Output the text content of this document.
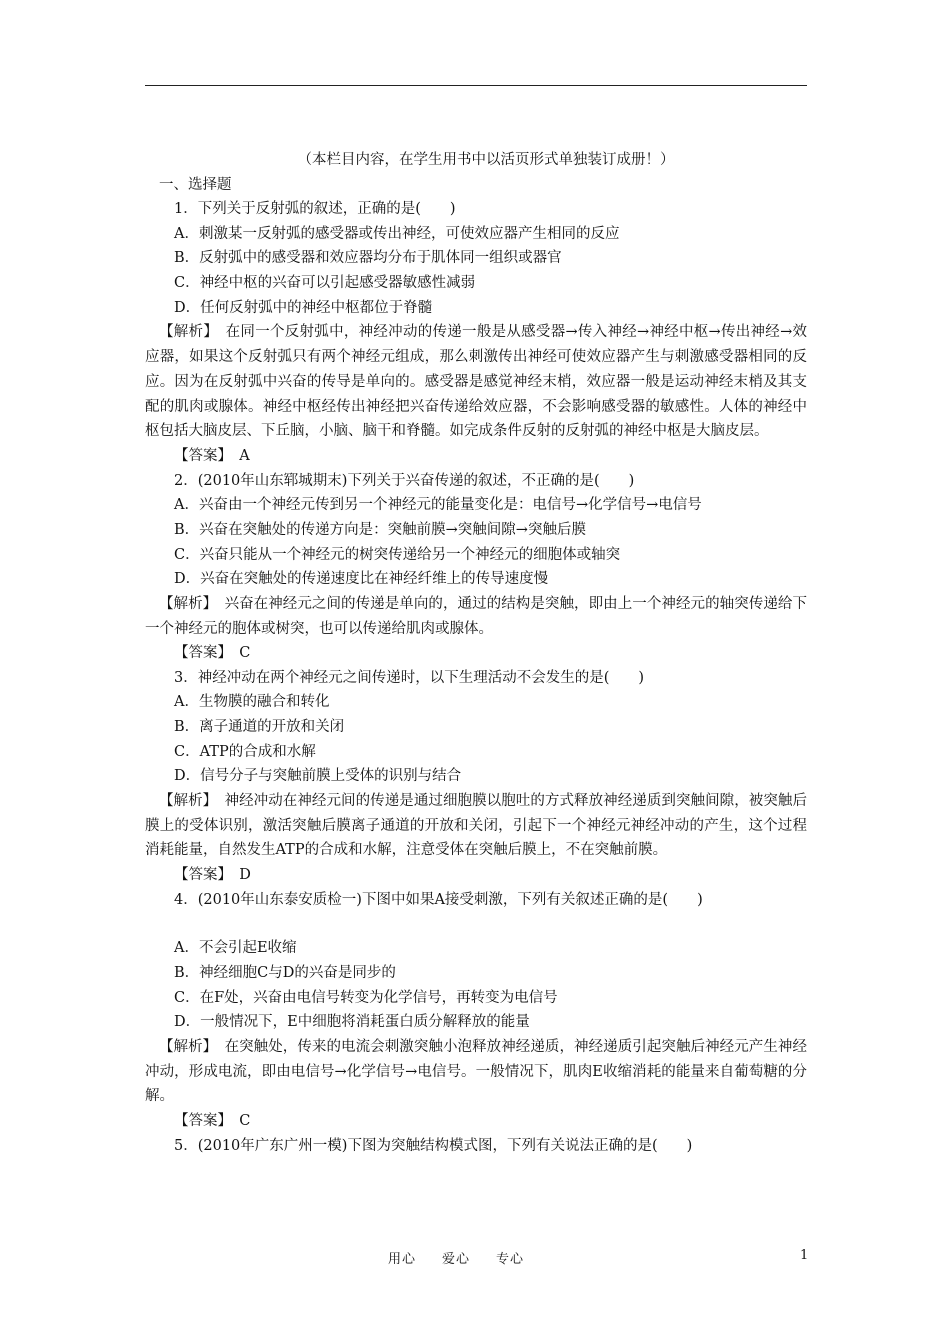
（本栏目内容，在学生用书中以活页形式单独装订成册！）
一、选择题
1．下列关于反射弧的叙述，正确的是(　　)
A．刺激某一反射弧的感受器或传出神经，可使效应器产生相同的反应
B．反射弧中的感受器和效应器均分布于肌体同一组织或器官
C．神经中枢的兴奋可以引起感受器敏感性减弱
D．任何反射弧中的神经中枢都位于脊髓
【解析】　 在同一个反射弧中，神经冲动的传递一般是从感受器→传入神经→神经中枢→传出神经→效应器，如果这个反射弧只有两个神经元组成，那么刺激传出神经可使效应器产生与刺激感受器相同的反应。因为在反射弧中兴奋的传导是单向的。感受器是感觉神经末梢，效应器一般是运动神经末梢及其支配的肌肉或腺体。神经中枢经传出神经把兴奋传递给效应器，不会影响感受器的敏感性。人体的神经中枢包括大脑皮层、下丘脑，小脑、脑干和脊髓。如完成条件反射的反射弧的神经中枢是大脑皮层。
【答案】　 A
2．(2010年山东郓城期末)下列关于兴奋传递的叙述，不正确的是(　　)
A．兴奋由一个神经元传到另一个神经元的能量变化是：电信号→化学信号→电信号
B．兴奋在突触处的传递方向是：突触前膜→突触间隙→突触后膜
C．兴奋只能从一个神经元的树突传递给另一个神经元的细胞体或轴突
D．兴奋在突触处的传递速度比在神经纤维上的传导速度慢
【解析】　 兴奋在神经元之间的传递是单向的，通过的结构是突触，即由上一个神经元的轴突传递给下一个神经元的胞体或树突，也可以传递给肌肉或腺体。
【答案】　 C
3．神经冲动在两个神经元之间传递时，以下生理活动不会发生的是(　　)
A．生物膜的融合和转化
B．离子通道的开放和关闭
C．ATP的合成和水解
D．信号分子与突触前膜上受体的识别与结合
【解析】　 神经冲动在神经元间的传递是通过细胞膜以胞吐的方式释放神经递质到突触间隙，被突触后膜上的受体识别，激活突触后膜离子通道的开放和关闭，引起下一个神经元神经冲动的产生，这个过程消耗能量，自然发生ATP的合成和水解，注意受体在突触后膜上，不在突触前膜。
【答案】　 D
4．(2010年山东泰安质检一)下图中如果A接受刺激，下列有关叙述正确的是(　　)
A．不会引起E收缩
B．神经细胞C与D的兴奋是同步的
C．在F处，兴奋由电信号转变为化学信号，再转变为电信号
D．一般情况下，E中细胞将消耗蛋白质分解释放的能量
【解析】　 在突触处，传来的电流会刺激突触小泡释放神经递质，神经递质引起突触后神经元产生神经冲动，形成电流，即由电信号→化学信号→电信号。一般情况下，肌肉E收缩消耗的能量来自葡萄糖的分解。
【答案】　 C
5．(2010年广东广州一模)下图为突触结构模式图，下列有关说法正确的是(　　)
用心 爱心 专心	1
